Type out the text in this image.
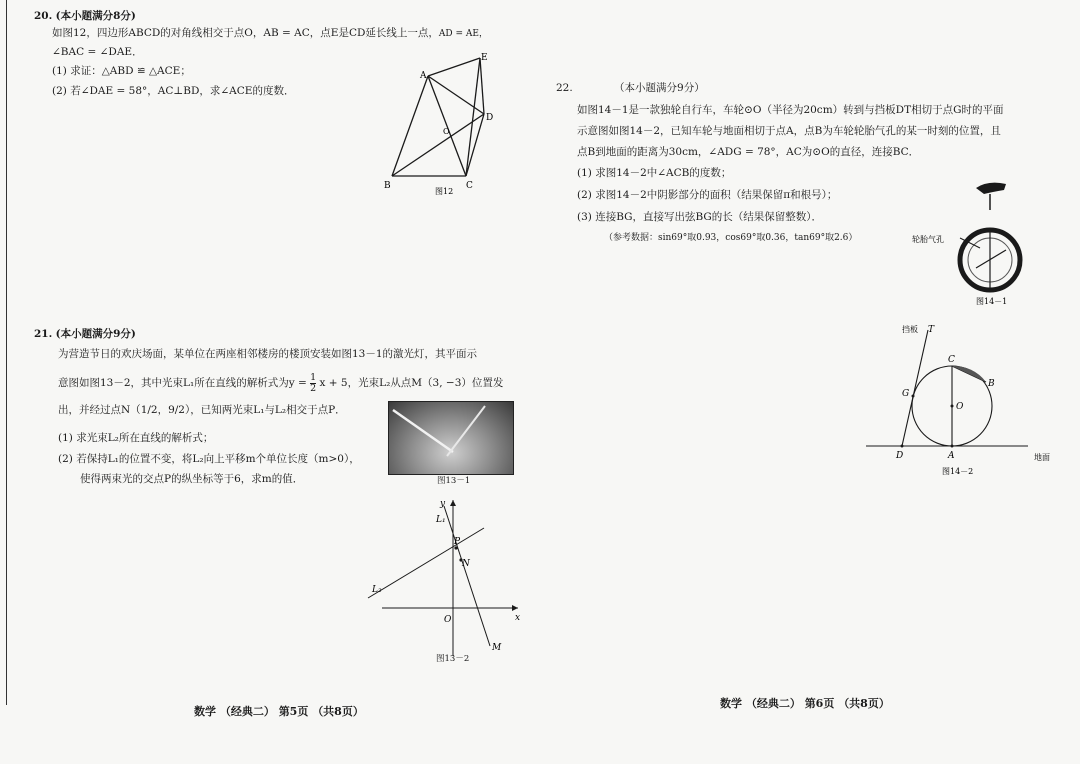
20. (本小题满分8分)
如图12，四边形ABCD的对角线相交于点O，AB = AC，点E是CD延长线上一点，AD = AE，
∠BAC = ∠DAE．
(1) 求证：△ABD ≌ △ACE；
(2) 若∠DAE = 58°，AC⊥BD，求∠ACE的度数．
A
B	C
D
E
O
图12
21. (本小题满分9分)
为营造节日的欢庆场面，某单位在两座相邻楼房的楼顶安装如图13－1的激光灯，其平面示
意图如图13－2，其中光束L₁所在直线的解析式为$y = \frac{1}{2}$ x + 5，光束L₂从点M（3, −3）位置发
出，并经过点N（1/2，9/2），已知两光束L₁与L₂相交于点P．
(1) 求光束L₂所在直线的解析式；
(2) 若保持L₁的位置不变，将L₂向上平移m个单位长度（m>0），
使得两束光的交点P的纵坐标等于6，求m的值．	图13－1
L₁
L₂
P
N
M
O	x
y
图13－2
数学 （经典二） 第5页 （共8页）
22.	（本小题满分9分）
如图14－1是一款独轮自行车，车轮⊙O（半径为20cm）转到与挡板DT相切于点G时的平面
示意图如图14－2，已知车轮与地面相切于点A，点B为车轮轮胎气孔的某一时刻的位置，且
点B到地面的距离为30cm，∠ADG = 78°，AC为⊙O的直径，连接BC．
(1) 求图14－2中∠ACB的度数；
(2) 求图14－2中阴影部分的面积（结果保留π和根号）；
(3) 连接BG，直接写出弦BG的长（结果保留整数）．
（参考数据：sin69°取0.93，cos69°取0.36，tan69°取2.6）	轮胎气孔
图14－1
挡板 T
C
G
B
O
D	A	地面
图14－2
数学 （经典二） 第6页 （共8页）
